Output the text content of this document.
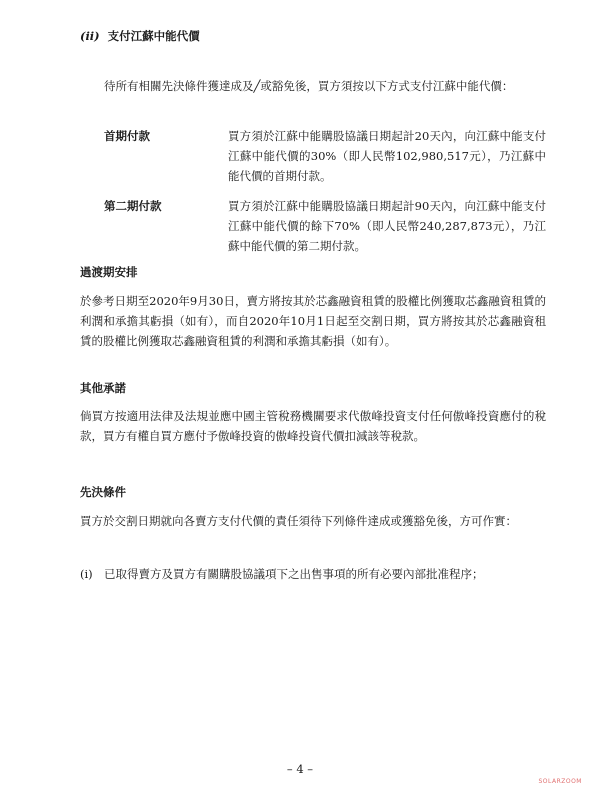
(ii) 支付江蘇中能代價

待所有相關先決條件獲達成及╱或豁免後，買方須按以下方式支付江蘇中能代價：

首期付款	買方須於江蘇中能購股協議日期起計20天內，向江蘇中能支付江蘇中能代價的30%（即人民幣102,980,517元），乃江蘇中能代價的首期付款。

第二期付款	買方須於江蘇中能購股協議日期起計90天內，向江蘇中能支付江蘇中能代價的餘下70%（即人民幣240,287,873元），乃江蘇中能代價的第二期付款。

過渡期安排

於參考日期至2020年9月30日，賣方將按其於芯鑫融資租賃的股權比例獲取芯鑫融資租賃的利潤和承擔其虧損（如有），而自2020年10月1日起至交割日期，買方將按其於芯鑫融資租賃的股權比例獲取芯鑫融資租賃的利潤和承擔其虧損（如有）。

其他承諾

倘買方按適用法律及法規並應中國主管稅務機關要求代傲峰投資支付任何傲峰投資應付的稅款，買方有權自買方應付予傲峰投資的傲峰投資代價扣減該等稅款。

先決條件

買方於交割日期就向各賣方支付代價的責任須待下列條件達成或獲豁免後，方可作實：

(i) 已取得賣方及買方有關購股協議項下之出售事項的所有必要內部批准程序；

– 4 –
SOLARZOOM
